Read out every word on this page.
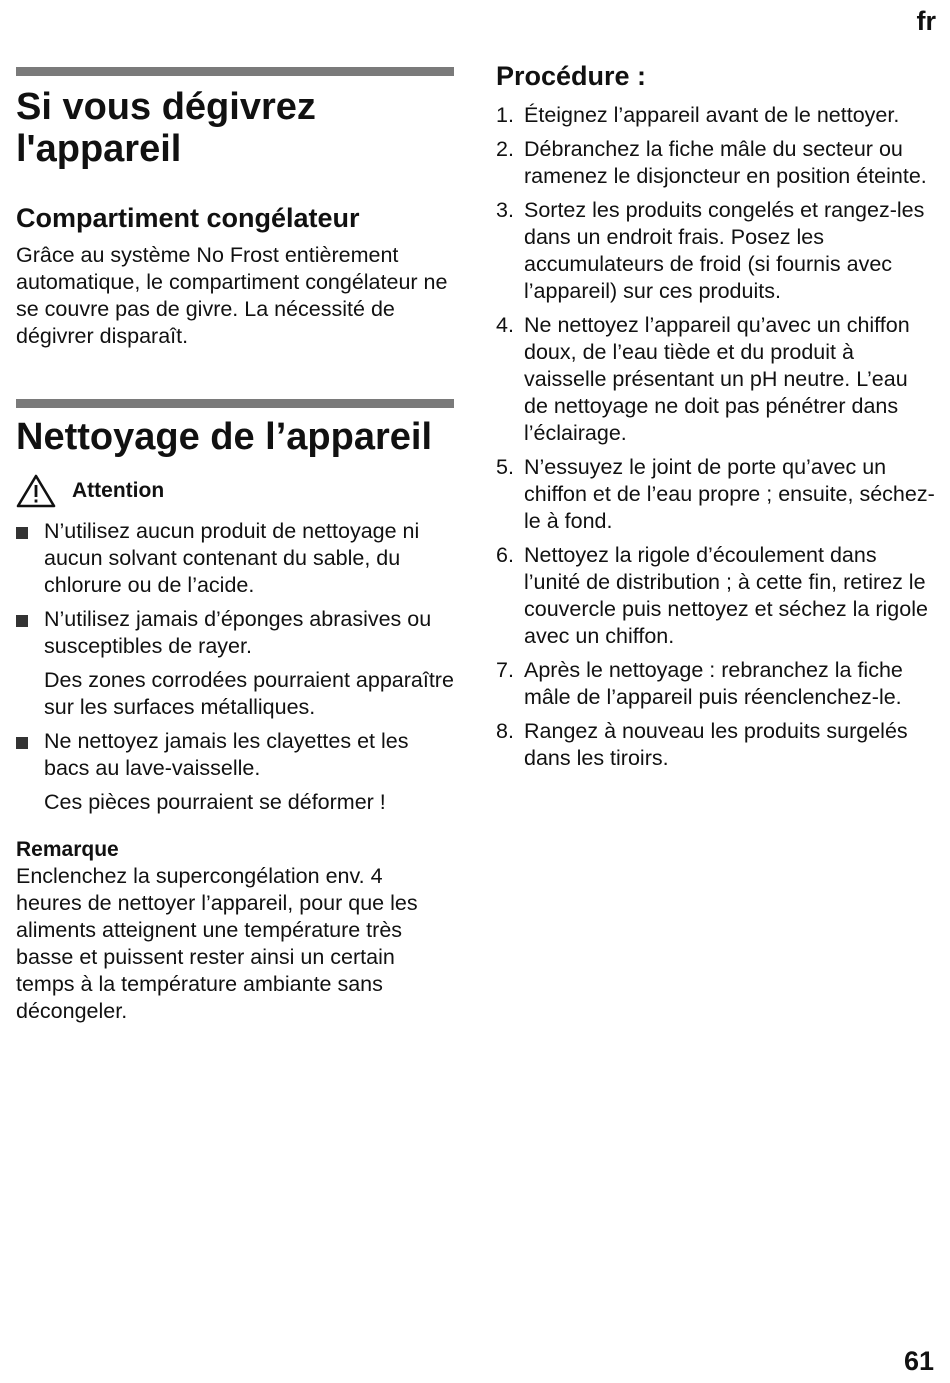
fr
Si vous dégivrez
l'appareil
Compartiment congélateur

Grâce au système No Frost entièrement automatique, le compartiment congélateur ne se couvre pas de givre. La nécessité de dégivrer disparaît.

Nettoyage de l’appareil
Attention
N’utilisez aucun produit de nettoyage ni aucun solvant contenant du sable, du chlorure ou de l’acide.
N’utilisez jamais d’éponges abrasives ou susceptibles de rayer.
Des zones corrodées pourraient apparaître sur les surfaces métalliques.
Ne nettoyez jamais les clayettes et les bacs au lave-vaisselle.
Ces pièces pourraient se déformer !
Remarque

Enclenchez la supercongélation env. 4 heures de nettoyer l’appareil, pour que les aliments atteignent une température très basse et puissent rester ainsi un certain temps à la température ambiante sans décongeler.

Procédure :
1. Éteignez l’appareil avant de le nettoyer.
2. Débranchez la fiche mâle du secteur ou ramenez le disjoncteur en position éteinte.
3. Sortez les produits congelés et rangez-les dans un endroit frais. Posez les accumulateurs de froid (si fournis avec l’appareil) sur ces produits.
4. Ne nettoyez l’appareil qu’avec un chiffon doux, de l’eau tiède et du produit à vaisselle présentant un pH neutre. L’eau de nettoyage ne doit pas pénétrer dans l’éclairage.
5. N’essuyez le joint de porte qu’avec un chiffon et de l’eau propre ; ensuite, séchez-le à fond.
6. Nettoyez la rigole d’écoulement dans l’unité de distribution ; à cette fin, retirez le couvercle puis nettoyez et séchez la rigole avec un chiffon.
7. Après le nettoyage : rebranchez la fiche mâle de l’appareil puis réenclenchez-le.
8. Rangez à nouveau les produits surgelés dans les tiroirs.
61
